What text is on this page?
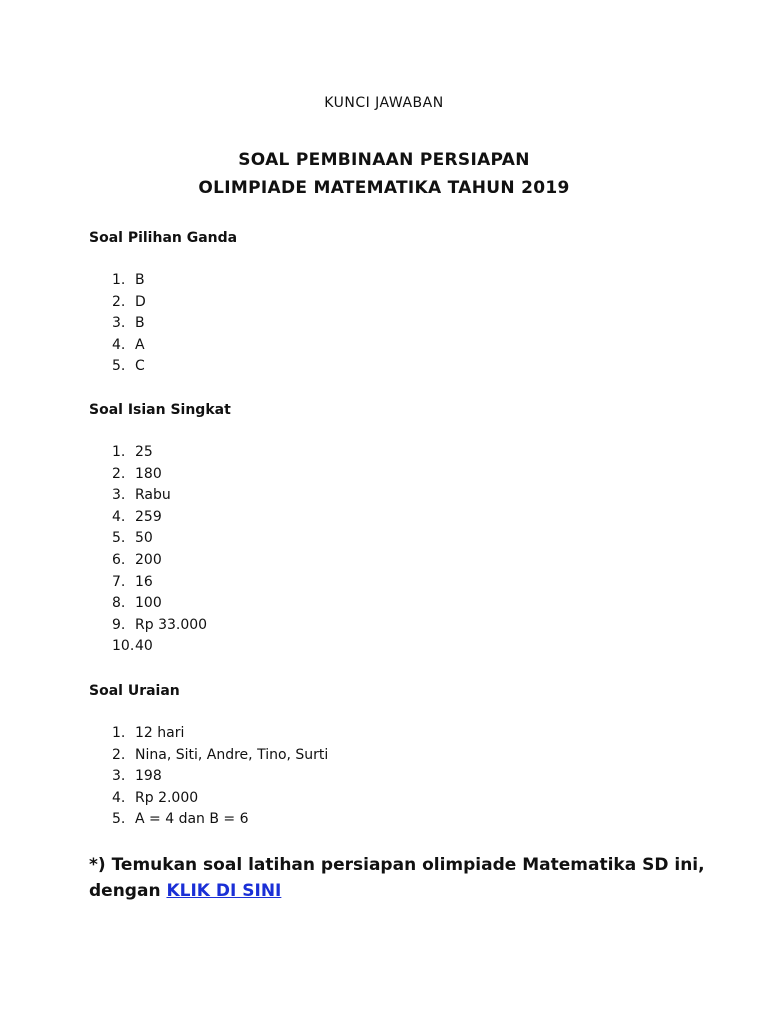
KUNCI JAWABAN
SOAL PEMBINAAN PERSIAPAN
OLIMPIADE MATEMATIKA TAHUN 2019
Soal Pilihan Ganda
1. B
2. D
3. B
4. A
5. C
Soal Isian Singkat
1. 25
2. 180
3. Rabu
4. 259
5. 50
6. 200
7. 16
8. 100
9. Rp 33.000
10.40
Soal Uraian
1. 12 hari
2. Nina, Siti, Andre, Tino, Surti
3. 198
4. Rp 2.000
5. A = 4 dan B = 6
*) Temukan soal latihan persiapan olimpiade Matematika SD ini,
dengan KLIK DI SINI
